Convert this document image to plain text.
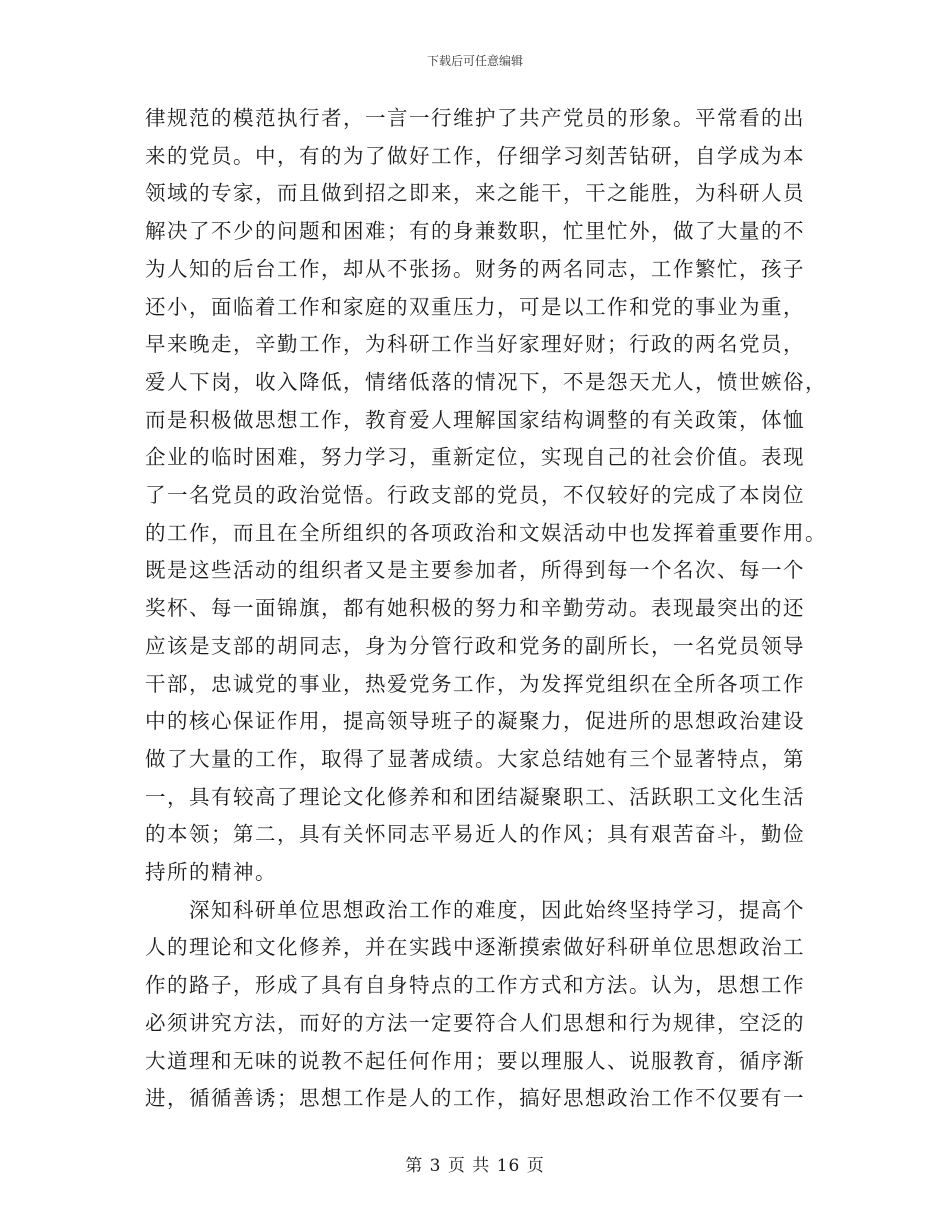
下载后可任意编辑
律规范的模范执行者，一言一行维护了共产党员的形象。平常看的出
来的党员。中，有的为了做好工作，仔细学习刻苦钻研，自学成为本
领域的专家，而且做到招之即来，来之能干，干之能胜，为科研人员
解决了不少的问题和困难；有的身兼数职，忙里忙外，做了大量的不
为人知的后台工作，却从不张扬。财务的两名同志，工作繁忙，孩子
还小，面临着工作和家庭的双重压力，可是以工作和党的事业为重，
早来晚走，辛勤工作，为科研工作当好家理好财；行政的两名党员，
爱人下岗，收入降低，情绪低落的情况下，不是怨天尤人，愤世嫉俗，
而是积极做思想工作，教育爱人理解国家结构调整的有关政策，体恤
企业的临时困难，努力学习，重新定位，实现自己的社会价值。表现
了一名党员的政治觉悟。行政支部的党员，不仅较好的完成了本岗位
的工作，而且在全所组织的各项政治和文娱活动中也发挥着重要作用。
既是这些活动的组织者又是主要参加者，所得到每一个名次、每一个
奖杯、每一面锦旗，都有她积极的努力和辛勤劳动。表现最突出的还
应该是支部的胡同志，身为分管行政和党务的副所长，一名党员领导
干部，忠诚党的事业，热爱党务工作，为发挥党组织在全所各项工作
中的核心保证作用，提高领导班子的凝聚力，促进所的思想政治建设
做了大量的工作，取得了显著成绩。大家总结她有三个显著特点，第
一，具有较高了理论文化修养和和团结凝聚职工、活跃职工文化生活
的本领；第二，具有关怀同志平易近人的作风；具有艰苦奋斗，勤俭
持所的精神。
　　深知科研单位思想政治工作的难度，因此始终坚持学习，提高个
人的理论和文化修养，并在实践中逐渐摸索做好科研单位思想政治工
作的路子，形成了具有自身特点的工作方式和方法。认为，思想工作
必须讲究方法，而好的方法一定要符合人们思想和行为规律，空泛的
大道理和无味的说教不起任何作用；要以理服人、说服教育，循序渐
进，循循善诱；思想工作是人的工作，搞好思想政治工作不仅要有一
第 3 页 共 16 页
